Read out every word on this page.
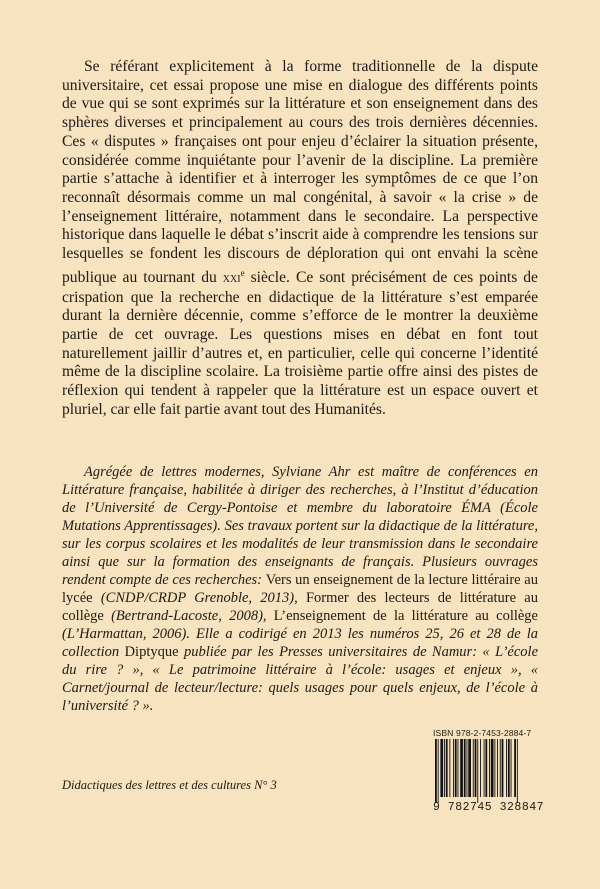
Se référant explicitement à la forme traditionnelle de la dispute universitaire, cet essai propose une mise en dialogue des différents points de vue qui se sont exprimés sur la littérature et son enseignement dans des sphères diverses et principalement au cours des trois dernières décennies. Ces « disputes » françaises ont pour enjeu d’éclairer la situation présente, considérée comme inquiétante pour l’avenir de la discipline. La première partie s’attache à identifier et à interroger les symptômes de ce que l’on reconnaît désormais comme un mal congénital, à savoir « la crise » de l’enseignement littéraire, notamment dans le secondaire. La perspective historique dans laquelle le débat s’inscrit aide à comprendre les tensions sur lesquelles se fondent les discours de déploration qui ont envahi la scène publique au tournant du xxi$^e$ siècle. Ce sont précisément de ces points de crispation que la recherche en didactique de la littérature s’est emparée durant la dernière décennie, comme s’efforce de le montrer la deuxième partie de cet ouvrage. Les questions mises en débat en font tout naturellement jaillir d’autres et, en particulier, celle qui concerne l’identité même de la discipline scolaire. La troisième partie offre ainsi des pistes de réflexion qui tendent à rappeler que la littérature est un espace ouvert et pluriel, car elle fait partie avant tout des Humanités.

Agrégée de lettres modernes, Sylviane Ahr est maître de conférences en Littérature française, habilitée à diriger des recherches, à l’Institut d’éducation de l’Université de Cergy-Pontoise et membre du laboratoire ÉMA (École Mutations Apprentissages). Ses travaux portent sur la didactique de la littérature, sur les corpus scolaires et les modalités de leur transmission dans le secondaire ainsi que sur la formation des enseignants de français. Plusieurs ouvrages rendent compte de ces recherches: Vers un enseignement de la lecture littéraire au lycée (CNDP/CRDP Grenoble, 2013), Former des lecteurs de littérature au collège (Bertrand-Lacoste, 2008), L’enseignement de la littérature au collège (L’Harmattan, 2006). Elle a codirigé en 2013 les numéros 25, 26 et 28 de la collection Diptyque publiée par les Presses universitaires de Namur: « L’école du rire ? », « Le patrimoine littéraire à l’école: usages et enjeux », « Carnet/journal de lecteur/lecture: quels usages pour quels enjeux, de l’école à l’université ? ».

Didactiques des lettres et des cultures N° 3

ISBN 978-2-7453-2884-7

9 782745 328847
